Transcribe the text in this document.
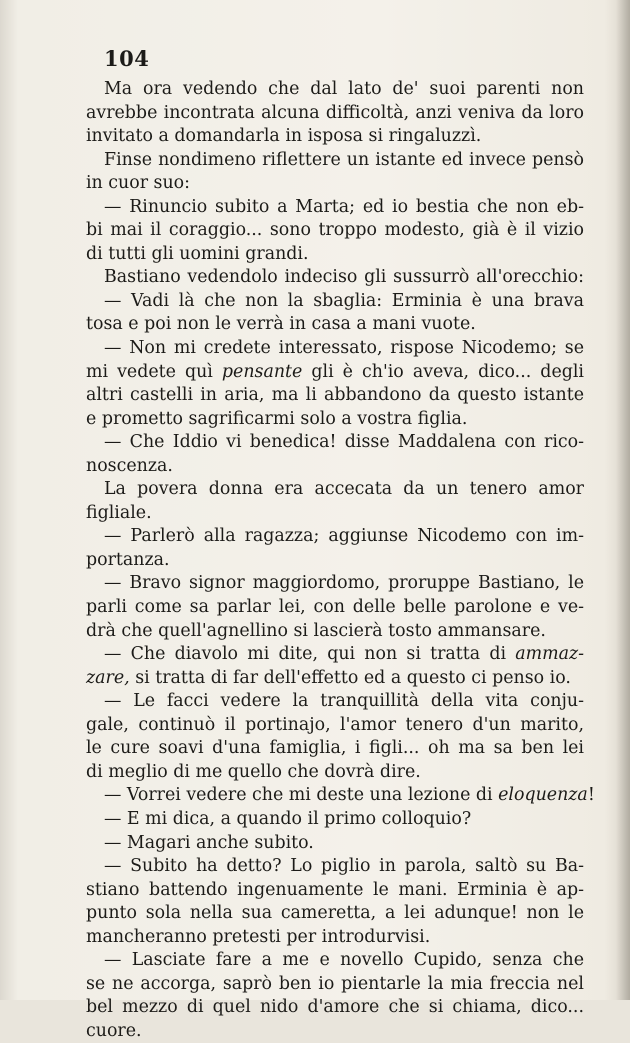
104
Ma ora vedendo che dal lato de' suoi parenti non
avrebbe incontrata alcuna difficoltà, anzi veniva da loro
invitato a domandarla in isposa si ringaluzzì.
Finse nondimeno riflettere un istante ed invece pensò
in cuor suo:
— Rinuncio subito a Marta; ed io bestia che non eb-
bi mai il coraggio... sono troppo modesto, già è il vizio
di tutti gli uomini grandi.
Bastiano vedendolo indeciso gli sussurrò all'orecchio:
— Vadi là che non la sbaglia: Erminia è una brava
tosa e poi non le verrà in casa a mani vuote.
— Non mi credete interessato, rispose Nicodemo; se
mi vedete quì pensante gli è ch'io aveva, dico... degli
altri castelli in aria, ma li abbandono da questo istante
e prometto sagrificarmi solo a vostra figlia.
— Che Iddio vi benedica! disse Maddalena con rico-
noscenza.
La povera donna era accecata da un tenero amor
figliale.
— Parlerò alla ragazza; aggiunse Nicodemo con im-
portanza.
— Bravo signor maggiordomo, proruppe Bastiano, le
parli come sa parlar lei, con delle belle parolone e ve-
drà che quell'agnellino si lascierà tosto ammansare.
— Che diavolo mi dite, qui non si tratta di ammaz-
zare, si tratta di far dell'effetto ed a questo ci penso io.
— Le facci vedere la tranquillità della vita conju-
gale, continuò il portinajo, l'amor tenero d'un marito,
le cure soavi d'una famiglia, i figli... oh ma sa ben lei
di meglio di me quello che dovrà dire.
— Vorrei vedere che mi deste una lezione di eloquenza!
— E mi dica, a quando il primo colloquio?
— Magari anche subito.
— Subito ha detto? Lo piglio in parola, saltò su Ba-
stiano battendo ingenuamente le mani. Erminia è ap-
punto sola nella sua cameretta, a lei adunque! non le
mancheranno pretesti per introdurvisi.
— Lasciate fare a me e novello Cupido, senza che
se ne accorga, saprò ben io pientarle la mia freccia nel
bel mezzo di quel nido d'amore che si chiama, dico...
cuore.
